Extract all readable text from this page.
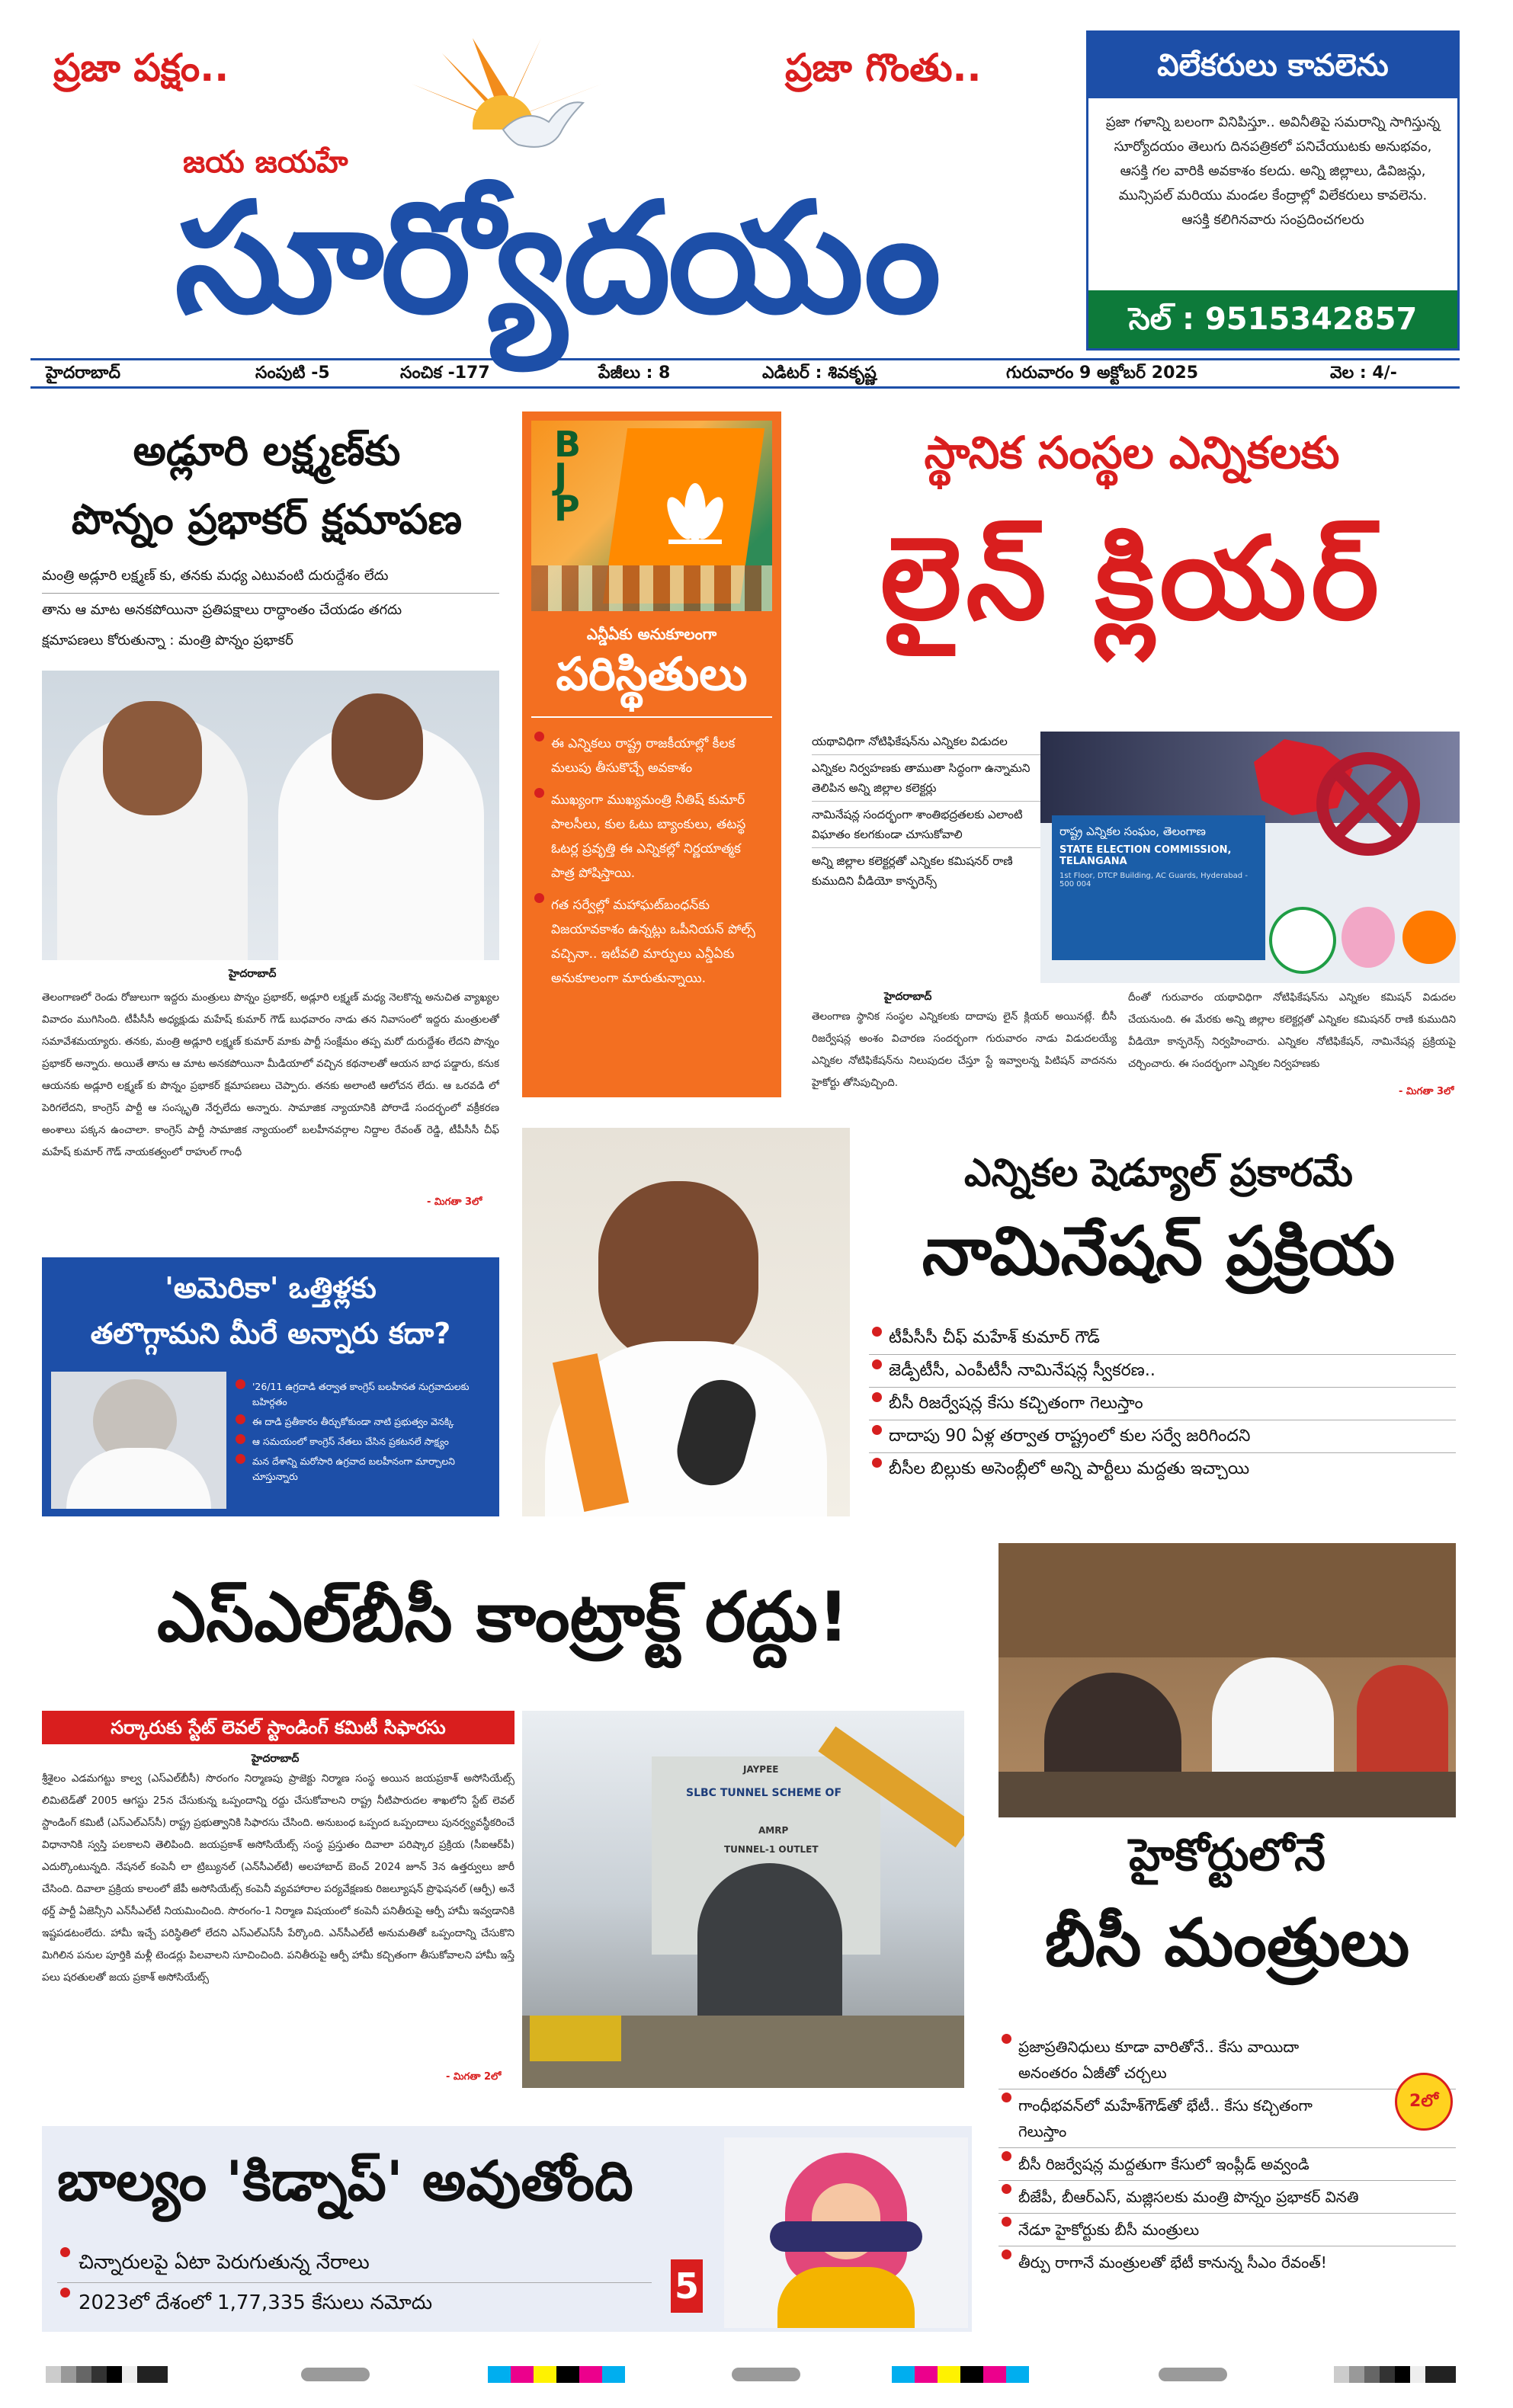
ప్రజా పక్షం..	ప్రజా గొంతు..
జయ జయహే
సూర్యోదయం
విలేకరులు కావలెను
ప్రజా గళాన్ని బలంగా వినిపిస్తూ.. అవినీతిపై సమరాన్ని సాగిస్తున్న సూర్యోదయం తెలుగు దినపత్రికలో పనిచేయుటకు అనుభవం, ఆసక్తి గల వారికి అవకాశం కలదు. అన్ని జిల్లాలు, డివిజన్లు, మున్సిపల్ మరియు మండల కేంద్రాల్లో విలేకరులు కావలెను. ఆసక్తి కలిగినవారు సంప్రదించగలరు
సెల్ : 9515342857
హైదరాబాద్	సంపుటి -5	సంచిక -177	పేజీలు : 8	ఎడిటర్ : శివకృష్ణ	గురువారం 9 అక్టోబర్ 2025	వెల : 4/-
అడ్లూరి లక్ష్మణ్‌కు
పొన్నం ప్రభాకర్ క్షమాపణ
మంత్రి అడ్లూరి లక్ష్మణ్ కు, తనకు మధ్య ఎటువంటి దురుద్దేశం లేదు
తాను ఆ మాట అనకపోయినా ప్రతిపక్షాలు రాద్ధాంతం చేయడం తగదు
క్షమాపణలు కోరుతున్నా : మంత్రి పొన్నం ప్రభాకర్
హైదరాబాద్
తెలంగాణలో రెండు రోజులుగా ఇద్దరు మంత్రులు పొన్నం ప్రభాకర్, అడ్లూరి లక్ష్మణ్ మధ్య నెలకొన్న అనుచిత వ్యాఖ్యల వివాదం ముగిసింది. టీపీసీసీ అధ్యక్షుడు మహేష్ కుమార్ గౌడ్ బుధవారం నాడు తన నివాసంలో ఇద్దరు మంత్రులతో సమావేశమయ్యారు. తనకు, మంత్రి అడ్లూరి లక్ష్మణ్ కుమార్ మాకు పార్టీ సంక్షేమం తప్ప మరో దురుద్దేశం లేదని పొన్నం ప్రభాకర్ అన్నారు. అయితే తాను ఆ మాట అనకపోయినా మీడియాలో వచ్చిన కథనాలతో ఆయన బాధ పడ్డారు, కనుక ఆయనకు అడ్లూరి లక్ష్మణ్ కు పొన్నం ప్రభాకర్ క్షమాపణలు చెప్పారు. తనకు అలాంటి ఆలోచన లేదు. ఆ ఒరవడి లో పెరిగలేదని, కాంగ్రెస్ పార్టీ ఆ సంస్కృతి నేర్పలేదు అన్నారు. సామాజిక న్యాయానికి పోరాడే సందర్భంలో వక్రీకరణ అంశాలు పక్కన ఉంచాలా. కాంగ్రెస్ పార్టీ సామాజిక న్యాయంలో బలహీనవర్గాల నిద్దాల రేవంత్ రెడ్డి, టీపీసీసీ చీఫ్ మహేష్ కుమార్ గౌడ్ నాయకత్వంలో రాహుల్ గాంధీ
- మిగతా 3లో
B
J
P
ఎన్డీఏకు అనుకూలంగా
పరిస్థితులు
ఈ ఎన్నికలు రాష్ట్ర రాజకీయాల్లో కీలక మలుపు తీసుకొచ్చే అవకాశం
ముఖ్యంగా ముఖ్యమంత్రి నీతిష్ కుమార్ పాలసీలు, కుల ఓటు బ్యాంకులు, తటస్థ ఓటర్ల ప్రవృత్తి ఈ ఎన్నికల్లో నిర్ణయాత్మక పాత్ర పోషిస్తాయి.
గత సర్వేల్లో మహాఘట్‌బంధన్‌కు విజయావకాశం ఉన్నట్లు ఒపీనియన్ పోల్స్ వచ్చినా.. ఇటీవలి మార్పులు ఎన్డీఏకు అనుకూలంగా మారుతున్నాయి.
స్థానిక సంస్థల ఎన్నికలకు
లైన్ క్లియర్
యథావిధిగా నోటిఫికేషన్‌ను ఎన్నికల విడుదల
ఎన్నికల నిర్వహణకు తాముతా సిద్ధంగా ఉన్నామని తెలిపిన అన్ని జిల్లాల కలెక్టర్లు
నామినేషన్ల సందర్భంగా శాంతిభద్రతలకు ఎలాంటి విఘాతం కలగకుండా చూసుకోవాలి
అన్ని జిల్లాల కలెక్టర్లతో ఎన్నికల కమిషనర్ రాణి కుముదిని వీడియో కాన్ఫరెన్స్
రాష్ట్ర ఎన్నికల సంఘం, తెలంగాణ
STATE ELECTION COMMISSION, TELANGANA
1st Floor, DTCP Building, AC Guards, Hyderabad - 500 004
హైదరాబాద్
తెలంగాణ స్థానిక సంస్థల ఎన్నికలకు దాదాపు లైన్ క్లియర్ అయినట్లే. బీసీ రిజర్వేషన్ల అంశం విచారణ సందర్భంగా గురువారం నాడు విడుదలయ్యే ఎన్నికల నోటిఫికేషన్‌ను నిలుపుదల చేస్తూ స్టే ఇవ్వాలన్న పిటిషన్ వాదనను హైకోర్టు తోసిపుచ్చింది.
దీంతో గురువారం యథావిధిగా నోటిఫికేషన్‌ను ఎన్నికల కమిషన్ విడుదల చేయనుంది. ఈ మేరకు అన్ని జిల్లాల కలెక్టర్లతో ఎన్నికల కమిషనర్ రాణి కుముదిని వీడియో కాన్ఫరెన్స్ నిర్వహించారు. ఎన్నికల నోటిఫికేషన్, నామినేషన్ల ప్రక్రియపై చర్చించారు. ఈ సందర్భంగా ఎన్నికల నిర్వహణకు
- మిగతా 3లో
'అమెరికా' ఒత్తిళ్లకు
తలొగ్గామని మీరే అన్నారు కదా?
'26/11 ఉగ్రదాడి తర్వాత కాంగ్రెస్ బలహీనత నుగ్రవాదులకు బహిర్గతం
ఈ దాడి ప్రతీకారం తీర్చుకోకుండా నాటి ప్రభుత్వం వెనక్కి
ఆ సమయంలో కాంగ్రెస్ నేతలు చేసిన ప్రకటనలే సాక్ష్యం
మన దేశాన్ని మరోసారి ఉగ్రవాద బలహీనంగా మార్చాలని చూస్తున్నారు
ఎన్నికల షెడ్యూల్ ప్రకారమే
నామినేషన్ ప్రక్రియ
టీపీసీసీ చీఫ్ మహేశ్ కుమార్ గౌడ్
జెడ్పీటీసీ, ఎంపీటీసీ నామినేషన్ల స్వీకరణ..
బీసీ రిజర్వేషన్ల కేసు కచ్చితంగా గెలుస్తాం
దాదాపు 90 ఏళ్ల తర్వాత రాష్ట్రంలో కుల సర్వే జరిగిందని
బీసీల బిల్లుకు అసెంబ్లీలో అన్ని పార్టీలు మద్దతు ఇచ్చాయి
ఎస్‌ఎల్‌బీసీ కాంట్రాక్ట్ రద్దు!
సర్కారుకు స్టేట్ లెవల్ స్టాండింగ్ కమిటీ సిఫారసు
హైదరాబాద్
శ్రీశైలం ఎడమగట్టు కాల్వ (ఎస్‌ఎల్‌బీసీ) సొరంగం నిర్మాణపు ప్రాజెక్టు నిర్మాణ సంస్థ అయిన జయప్రకాశ్ అసోసియేట్స్ లిమిటెడ్‌తో 2005 ఆగస్టు 25న చేసుకున్న ఒప్పందాన్ని రద్దు చేసుకోవాలని రాష్ట్ర నీటిపారుదల శాఖలోని స్టేట్ లెవల్ స్టాండింగ్ కమిటీ (ఎస్‌ఎల్‌ఎస్‌సీ) రాష్ట్ర ప్రభుత్వానికి సిఫారసు చేసింది. అనుబంధ ఒప్పంద ఒప్పందాలు పునర్వ్యవస్థీకరించే విధానానికి స్వస్తి పలకాలని తెలిపింది. జయప్రకాశ్ అసోసియేట్స్ సంస్థ ప్రస్తుతం దివాలా పరిష్కార ప్రక్రియ (సీఐఆర్‌పీ) ఎదుర్కొంటున్నది. నేషనల్ కంపెనీ లా ట్రిబ్యునల్ (ఎన్‌సీఎల్‌టీ) అలహాబాద్ బెంచ్ 2024 జూన్ 3న ఉత్తర్వులు జారీ చేసింది. దివాలా ప్రక్రియ కాలంలో జేపీ అసోసియేట్స్ కంపెనీ వ్యవహారాల పర్యవేక్షణకు రిజల్యూషన్ ప్రొఫెషనల్ (ఆర్పీ) అనే థర్డ్ పార్టీ ఏజెన్సీని ఎన్‌సీఎల్‌టీ నియమించింది. సొరంగం-1 నిర్మాణ విషయంలో కంపెనీ పనితీరుపై ఆర్పీ హామీ ఇవ్వడానికి ఇష్టపడటంలేదు. హామీ ఇచ్చే పరిస్థితిలో లేదని ఎస్‌ఎల్‌ఎస్‌సీ పేర్కొంది. ఎన్‌సీఎల్‌టీ అనుమతితో ఒప్పందాన్ని చేసుకొని మిగిలిన పనుల పూర్తికి మళ్లీ టెండర్లు పిలవాలని సూచించింది. పనితీరుపై ఆర్పీ హామీ కచ్చితంగా తీసుకోవాలని హామీ ఇస్తే పలు షరతులతో జయ ప్రకాశ్ అసోసియేట్స్
- మిగతా 2లో
JAYPEE
SLBC TUNNEL SCHEME OF
AMRP
TUNNEL-1 OUTLET	హైకోర్టులోనే
బీసీ మంత్రులు
ప్రజాప్రతినిధులు కూడా వారితోనే.. కేసు వాయిదా అనంతరం ఏజీతో చర్చలు
గాంధీభవన్‌లో మహేశ్‌గౌడ్‌తో భేటీ.. కేసు కచ్చితంగా గెలుస్తాం
బీసీ రిజర్వేషన్ల మద్దతుగా కేసులో ఇంప్లీడ్ అవ్వండి
బీజేపీ, బీఆర్‌ఎస్, మజ్లిసలకు మంత్రి పొన్నం ప్రభాకర్ వినతి
నేడూ హైకోర్టుకు బీసీ మంత్రులు
తీర్పు రాగానే మంత్రులతో భేటీ కానున్న సీఎం రేవంత్!
2లో
బాల్యం 'కిడ్నాప్' అవుతోంది
చిన్నారులపై ఏటా పెరుగుతున్న నేరాలు
2023లో దేశంలో 1,77,335 కేసులు నమోదు	5
